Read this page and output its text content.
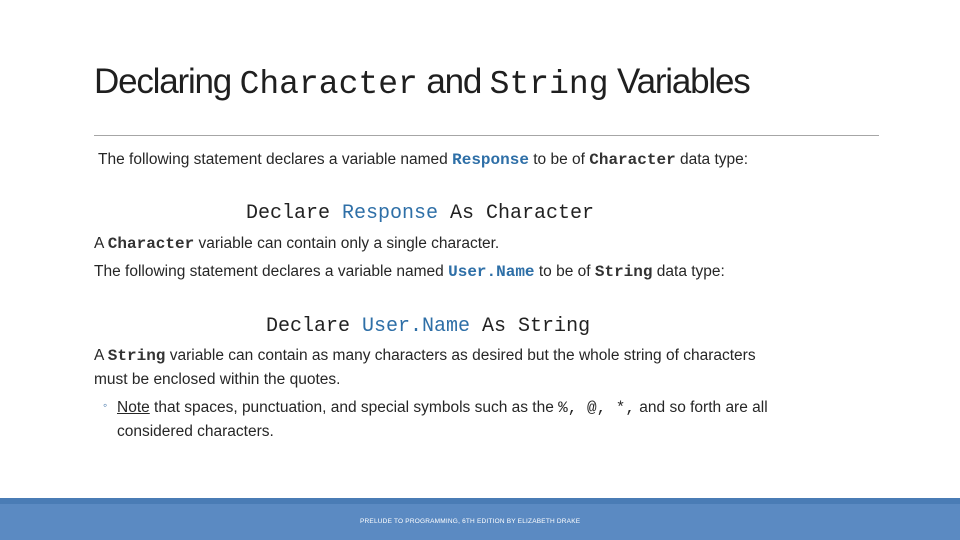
Declaring Character and String Variables
The following statement declares a variable named Response to be of Character data type:
Declare Response As Character
A Character variable can contain only a single character.
The following statement declares a variable named User.Name to be of String data type:
Declare User.Name As String
A String variable can contain as many characters as desired but the whole string of characters must be enclosed within the quotes.
◦ Note that spaces, punctuation, and special symbols such as the %, @, *, and so forth are all considered characters.
PRELUDE TO PROGRAMMING, 6TH EDITION BY ELIZABETH DRAKE
